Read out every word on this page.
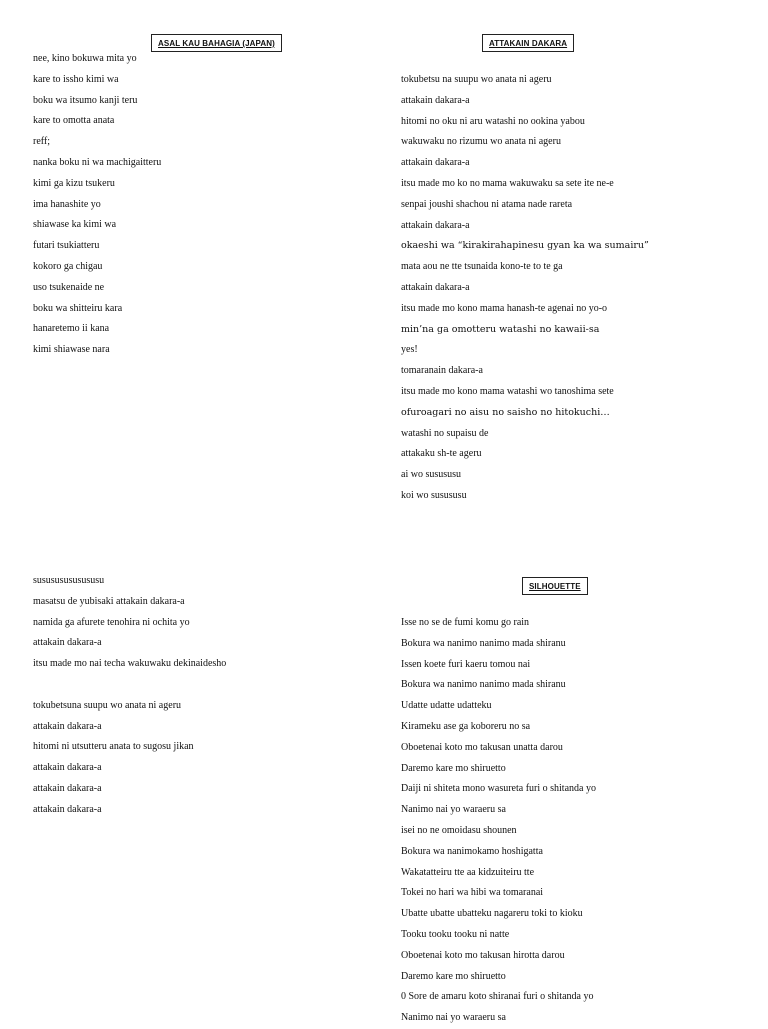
ASAL KAU BAHAGIA (JAPAN)
nee, kino bokuwa mita yo
kare to issho kimi wa
boku wa itsumo kanji teru
kare to omotta anata
reff;
nanka boku ni wa machigaitteru
kimi ga kizu tsukeru
ima hanashite yo
shiawase ka kimi wa
futari tsukiatteru
kokoro ga chigau
uso tsukenaide ne
boku wa shitteiru kara
hanaretemo ii kana
kimi shiawase nara
ATTAKAIN DAKARA
tokubetsu na suupu wo anata ni ageru
attakain dakara-a
hitomi no oku ni aru watashi no ookina yabou
wakuwaku no rizumu wo anata ni ageru
attakain dakara-a
itsu made mo ko no mama wakuwaku sa sete ite ne-e
senpai joushi shachou ni atama nade rareta
attakain dakara-a
okaeshi wa “kirakirahapinesu gyan ka wa sumairu”
mata aou ne tte tsunaida kono-te to te ga
attakain dakara-a
itsu made mo kono mama hanash-te agenai no yo-o
min’na ga omotteru watashi no kawaii-sa
yes!
tomaranain dakara-a
itsu made mo kono mama watashi wo tanoshima sete
ofuroagari no aisu no saisho no hitokuchi…
watashi no supaisu de
attakaku sh-te ageru
ai wo susususu
koi wo susususu
susususususususu
masatsu de yubisaki attakain dakara-a
namida ga afurete tenohira ni ochita yo
attakain dakara-a
itsu made mo nai techa wakuwaku dekinaidesho
tokubetsuna suupu wo anata ni ageru
attakain dakara-a
hitomi ni utsutteru anata to sugosu jikan
attakain dakara-a
attakain dakara-a
attakain dakara-a
SILHOUETTE
Isse no se de fumi komu go rain
Bokura wa nanimo nanimo mada shiranu
Issen koete furi kaeru tomou nai
Bokura wa nanimo nanimo mada shiranu
Udatte udatte udatteku
Kirameku ase ga koboreru no sa
Oboetenai koto mo takusan unatta darou
Daremo kare mo shiruetto
Daiji ni shiteta mono wasureta furi o shitanda yo
Nanimo nai yo waraeru sa
isei no ne omoidasu shounen
Bokura wa nanimokamo hoshigatta
Wakatatteiru tte aa kidzuiteiru tte
Tokei no hari wa hibi wa tomaranai
Ubatte ubatte ubatteku nagareru toki to kioku
Tooku tooku tooku ni natte
Oboetenai koto mo takusan hirotta darou
Daremo kare mo shiruetto
0 Sore de amaru koto shiranai furi o shitanda yo
Nanimo nai yo waraeru sa
